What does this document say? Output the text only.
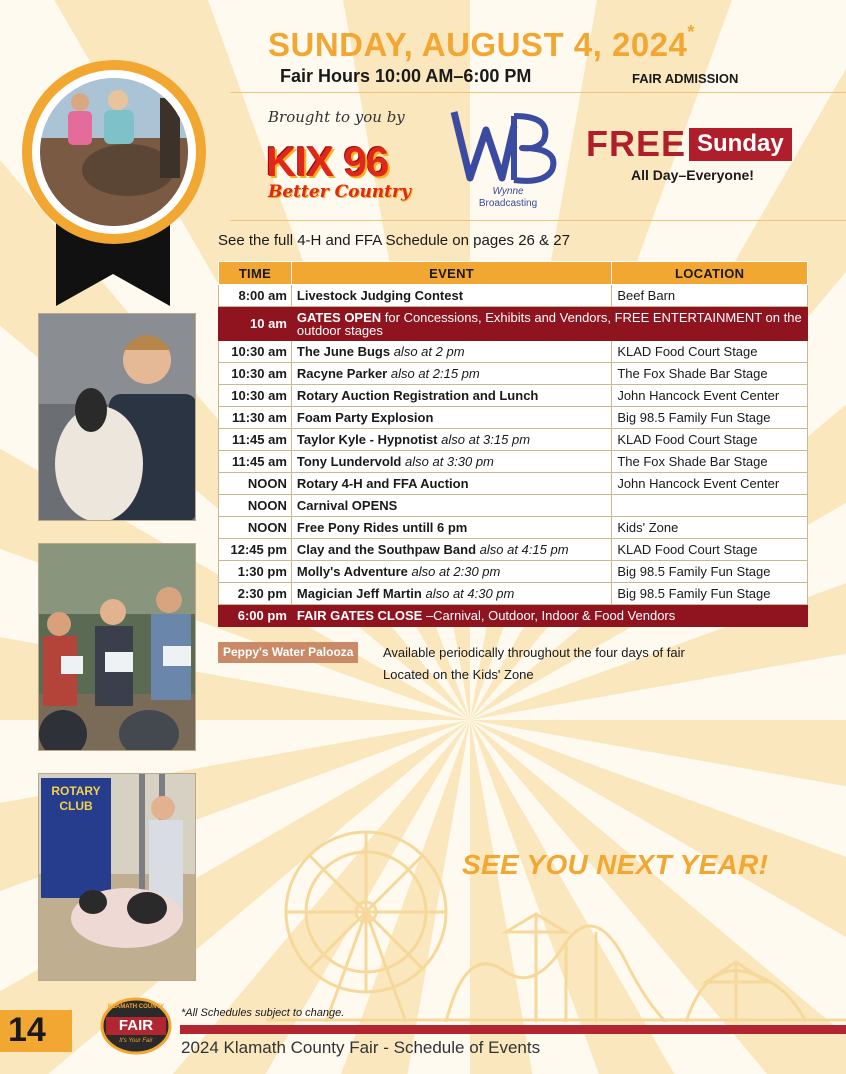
SUNDAY, AUGUST 4, 2024*
Fair Hours 10:00 AM–6:00 PM	FAIR ADMISSION
Brought to you by
KIX 96
Better Country	Wynne
Broadcasting
FREE Sunday
All Day–Everyone!
ROTARY
CLUB
See the full 4-H and FFA Schedule on pages 26 & 27
TIME	EVENT	LOCATION
8:00 am	Livestock Judging Contest	Beef Barn
10 am	GATES OPEN for Concessions, Exhibits and Vendors, FREE ENTERTAINMENT on the outdoor stages	
10:30 am	The June Bugs also at 2 pm	KLAD Food Court Stage
10:30 am	Racyne Parker also at 2:15 pm	The Fox Shade Bar Stage
10:30 am	Rotary Auction Registration and Lunch	John Hancock Event Center
11:30 am	Foam Party Explosion	Big 98.5 Family Fun Stage
11:45 am	Taylor Kyle - Hypnotist also at 3:15 pm	KLAD Food Court Stage
11:45 am	Tony Lundervold also at 3:30 pm	The Fox Shade Bar Stage
NOON	Rotary 4-H and FFA Auction	John Hancock Event Center
NOON	Carnival OPENS	
NOON	Free Pony Rides untill 6 pm	Kids' Zone
12:45 pm	Clay and the Southpaw Band also at 4:15 pm	KLAD Food Court Stage
1:30 pm	Molly's Adventure also at 2:30 pm	Big 98.5 Family Fun Stage
2:30 pm	Magician Jeff Martin also at 4:30 pm	Big 98.5 Family Fun Stage
6:00 pm	FAIR GATES CLOSE –Carnival, Outdoor, Indoor & Food Vendors	
Peppy's Water Palooza	Available periodically throughout the four days of fair
Located on the Kids' Zone
SEE YOU NEXT YEAR!
14
KLAMATH COUNTY
FAIR
It's Your Fair
*All Schedules subject to change.
2024 Klamath County Fair - Schedule of Events
